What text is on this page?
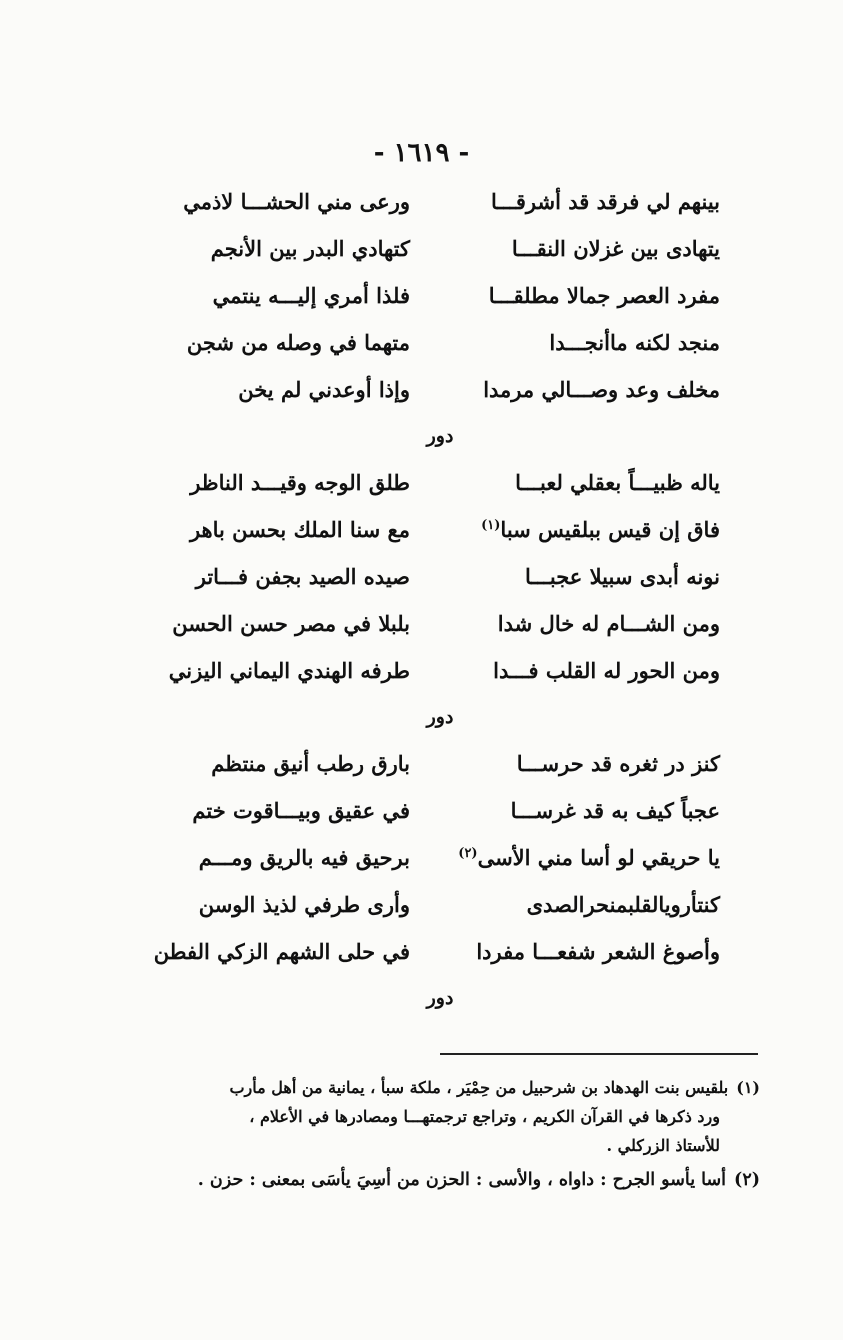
- ١٦١٩ -
بينهم لي فرقد قد أشرقـــا
ورعى مني الحشـــا لاذمي
يتهادى بين غزلان النقـــا
كتهادي البدر بين الأنجم
مفرد العصر جمالا مطلقـــا
فلذا أمري إليـــه ينتمي
منجد لكنه ماأنجـــدا
متهما في وصله من شجن
مخلف وعد وصـــالي مرمدا
وإذا أوعدني لم يخن
دور
ياله ظبيـــاً بعقلي لعبـــا
طلق الوجه وقيـــد الناظر
فاق إن قيس ببلقيس سبا$^{(١)}$
مع سنا الملك بحسن باهر
نونه أبدى سبيلا عجبـــا
صيده الصيد بجفن فـــاتر
ومن الشـــام له خال شدا
بلبلا في مصر حسن الحسن
ومن الحور له القلب فـــدا
طرفه الهندي اليماني اليزني
دور
كنز در ثغره قد حرســـا
بارق رطب أنيق منتظم
عجباً كيف به قد غرســـا
في عقيق وبيـــاقوت ختم
يا حريقي لو أسا مني الأسى$^{(٢)}$
برحيق فيه بالريق ومـــم
كنتأرويالقلبمنحرالصدى
وأرى طرفي لذيذ الوسن
وأصوغ الشعر شفعـــا مفردا
في حلى الشهم الزكي الفطن
دور
(١)بلقيس بنت الهدهاد بن شرحبيل من حِمْيَر ، ملكة سبأ ، يمانية من أهل مأرب
ورد ذكرها في القرآن الكريم ، وتراجع ترجمتهـــا ومصادرها في الأعلام ،
للأستاذ الزركلي .
(٢)أسا يأسو الجرح : داواه ، والأسى : الحزن من أسِيَ يأسَى بمعنى : حزن .
